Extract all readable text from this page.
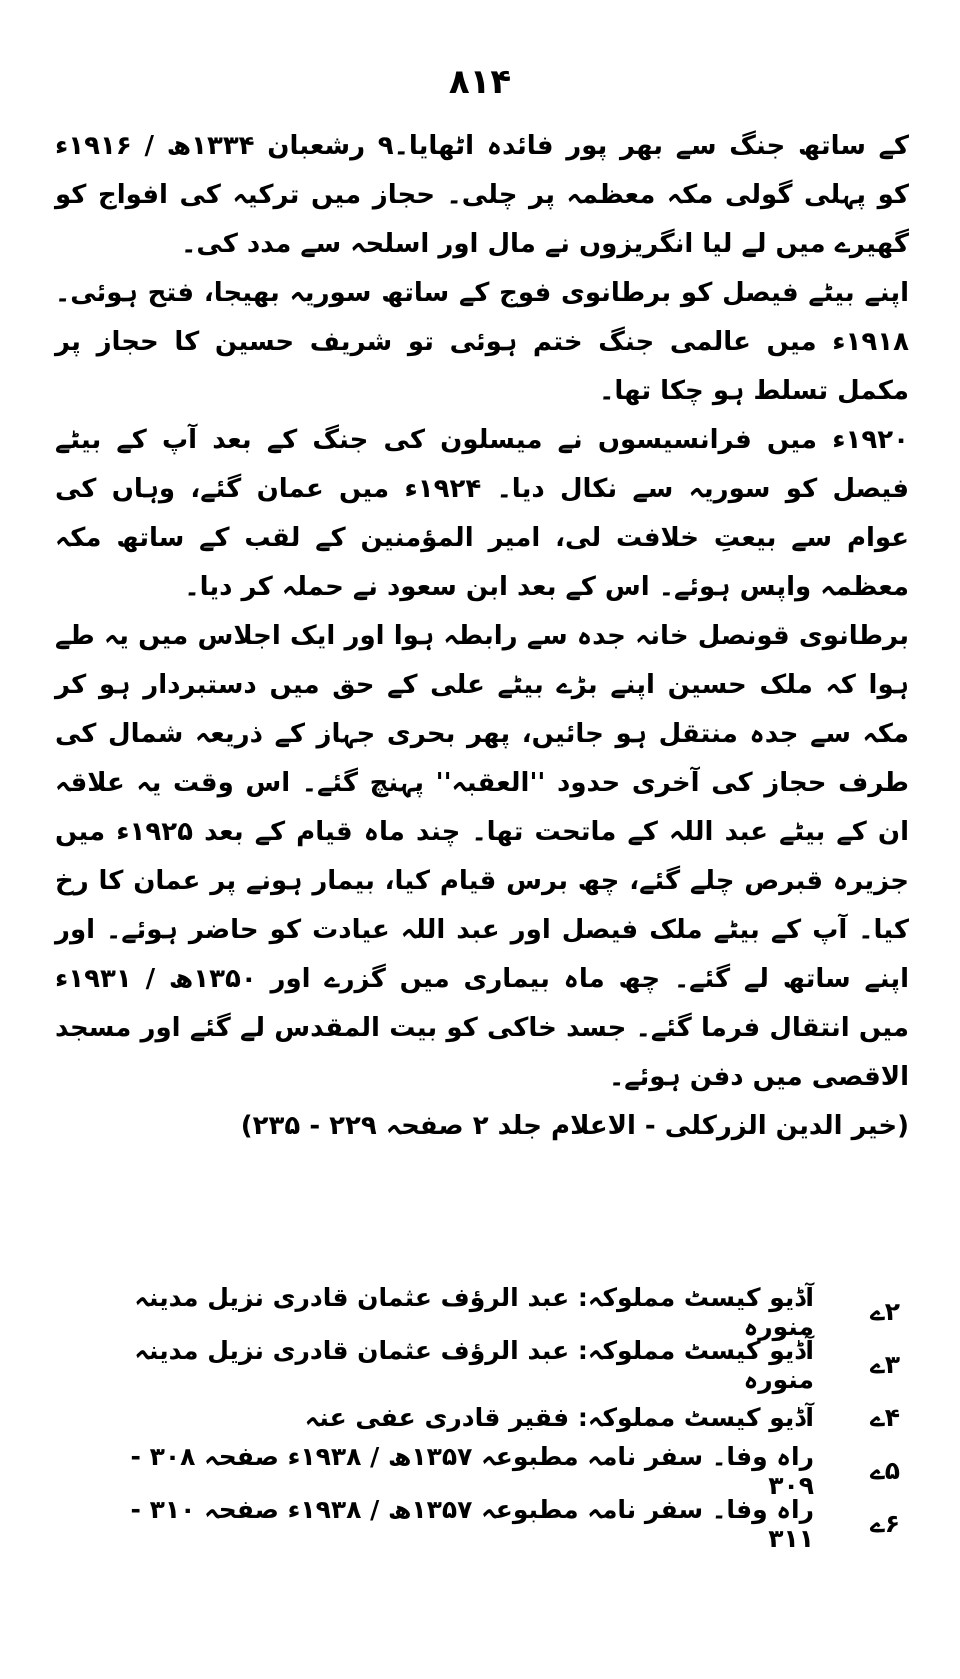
۸۱۴

کے ساتھ جنگ سے بھر پور فائدہ اٹھایا۔۹ رشعبان ۱۳۳۴ھ / ۱۹۱۶ء کو پہلی گولی مکہ معظمہ پر چلی۔ حجاز میں ترکیہ کی افواج کو گھیرے میں لے لیا انگریزوں نے مال اور اسلحہ سے مدد کی۔

اپنے بیٹے فیصل کو برطانوی فوج کے ساتھ سوریہ بھیجا، فتح ہوئی۔ ۱۹۱۸ء میں عالمی جنگ ختم ہوئی تو شریف حسین کا حجاز پر مکمل تسلط ہو چکا تھا۔

۱۹۲۰ء میں فرانسیسوں نے میسلون کی جنگ کے بعد آپ کے بیٹے فیصل کو سوریہ سے نکال دیا۔ ۱۹۲۴ء میں عمان گئے، وہاں کی عوام سے بیعتِ خلافت لی، امیر المؤمنین کے لقب کے ساتھ مکہ معظمہ واپس ہوئے۔ اس کے بعد ابن سعود نے حملہ کر دیا۔

برطانوی قونصل خانہ جدہ سے رابطہ ہوا اور ایک اجلاس میں یہ طے ہوا کہ ملک حسین اپنے بڑے بیٹے علی کے حق میں دستبردار ہو کر مکہ سے جدہ منتقل ہو جائیں، پھر بحری جہاز کے ذریعہ شمال کی طرف حجاز کی آخری حدود ''العقبہ'' پہنچ گئے۔ اس وقت یہ علاقہ ان کے بیٹے عبد اللہ کے ماتحت تھا۔ چند ماہ قیام کے بعد ۱۹۲۵ء میں جزیرہ قبرص چلے گئے، چھ برس قیام کیا، بیمار ہونے پر عمان کا رخ کیا۔ آپ کے بیٹے ملک فیصل اور عبد اللہ عیادت کو حاضر ہوئے۔ اور اپنے ساتھ لے گئے۔ چھ ماہ بیماری میں گزرے اور ۱۳۵۰ھ / ۱۹۳۱ء میں انتقال فرما گئے۔ جسد خاکی کو بیت المقدس لے گئے اور مسجد الاقصی میں دفن ہوئے۔

(خیر الدین الزرکلی - الاعلام جلد ۲ صفحہ ۲۲۹ - ۲۳۵)

۲ے
آڈیو کیسٹ مملوکہ: عبد الرؤف عثمان قادری نزیل مدینہ منورہ
۳ے
آڈیو کیسٹ مملوکہ: عبد الرؤف عثمان قادری نزیل مدینہ منورہ
۴ے
آڈیو کیسٹ مملوکہ: فقیر قادری عفی عنہ
۵ے
راہ وفا۔ سفر نامہ مطبوعہ ۱۳۵۷ھ / ۱۹۳۸ء صفحہ ۳۰۸ - ۳۰۹
۶ے
راہ وفا۔ سفر نامہ مطبوعہ ۱۳۵۷ھ / ۱۹۳۸ء صفحہ ۳۱۰ - ۳۱۱
